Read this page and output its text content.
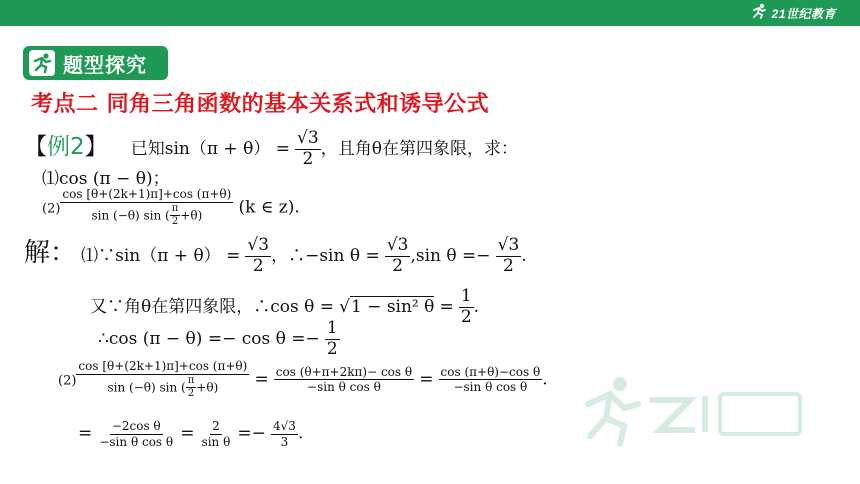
21世纪教育
题型探究
考点二 同角三角函数的基本关系式和诱导公式
【例2】 已知$\sin(\pi + \theta) = \frac{√3}{2}$ ，且角θ在第四象限，求：
⑴cos (π − θ)；
$(2) \frac{\cos [\theta+(2k+1)\pi]+\cos (\pi+\theta)}{\sin (-\theta) \sin ( \frac{\pi}{2} +\theta)} (k$ ∈ z).
解： ⑴∵sin（π + $\theta) = \frac{√3}{2}$ ，∴−sin $\theta = \frac{√3}{2} ,\sin$ $\theta =- \frac{√3}{2}$ .
又∵角θ在第四象限，∴cos θ = √1 − sin² $\theta = \frac{1}{2}$ .
∴cos $(\pi - \theta) =- \cos \theta =- \frac{1}{2}$
$(2) \frac{\cos [\theta+(2k+1)\pi]+\cos (\pi+\theta)}{\sin (-\theta) \sin ( \frac{\pi}{2} +\theta)} = \frac{\text{cos (θ+π+2kπ)− cos θ}}{\text{−sin θ cos θ}} = \frac{\text{cos (π+θ)−cos θ}}{\text{−sin θ cos θ}}$ .
= $\frac{\text{−2cos θ}}{\text{−sin θ cos θ}} = \frac{2}{\text{sin θ}} =- \frac{4√3}{3}$ .
